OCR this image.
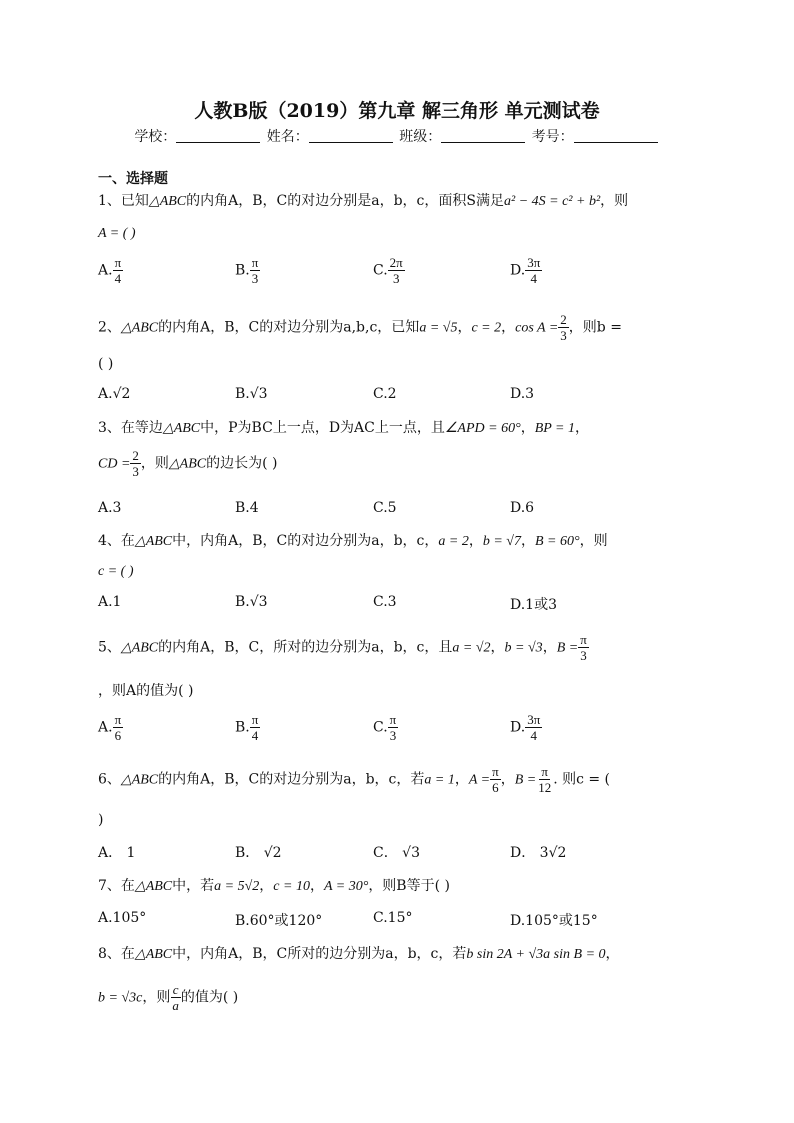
人教B版（2019）第九章 解三角形 单元测试卷
学校：	姓名：	班级：	考号：
一、选择题
1、已知△ABC的内角A，B，C的对边分别是a，b，c，面积S满足a² − 4S = c² + b²，则
A = ( )
A. $\frac{\pi}{4}$	B. $\frac{\pi}{3}$	C. $\frac{2\pi}{3}$	D. $\frac{3\pi}{4}$
2、△ABC的内角A，B，C的对边分别为a,b,c，已知a = √5，c = 2，$\cos A = \frac{2}{3}$ ，则b =
( )
A.√2	B.√3	C.2	D.3
3、在等边△ABC中，P为BC上一点，D为AC上一点，且∠APD = 60°，BP = 1，
CD = $\frac{2}{3}$ ，则△ABC的边长为( )
A.3	B.4	C.5	D.6
4、在△ABC中，内角A，B，C的对边分别为a，b，c，a = 2，b = √7，B = 60°，则
c = ( )
A.1	B.√3	C.3	D.1或3
5、△ABC的内角A，B，C，所对的边分别为a，b，c，且a = √2，b = √3，$B = \frac{\pi}{3}$
，则A的值为( )
A. $\frac{\pi}{6}$	B. $\frac{\pi}{4}$	C. $\frac{\pi}{3}$	D. $\frac{3\pi}{4}$
6、△ABC的内角A，B，C的对边分别为a，b，c，若a = 1，$A = \frac{\pi}{6}$ ，$B = \frac{\pi}{12}$ . 则c = (
)
A． 1	B． √2	C． √3	D． 3√2
7、在△ABC中，若a = 5√2，c = 10，A = 30°，则B等于( )
A.105°	B.60°或120°	C.15°	D.105°或15°
8、在△ABC中，内角A，B，C所对的边分别为a，b，c，若b sin 2A + √3a sin B = 0，
b = √3c，则 $\frac{c}{a}$ 的值为( )
